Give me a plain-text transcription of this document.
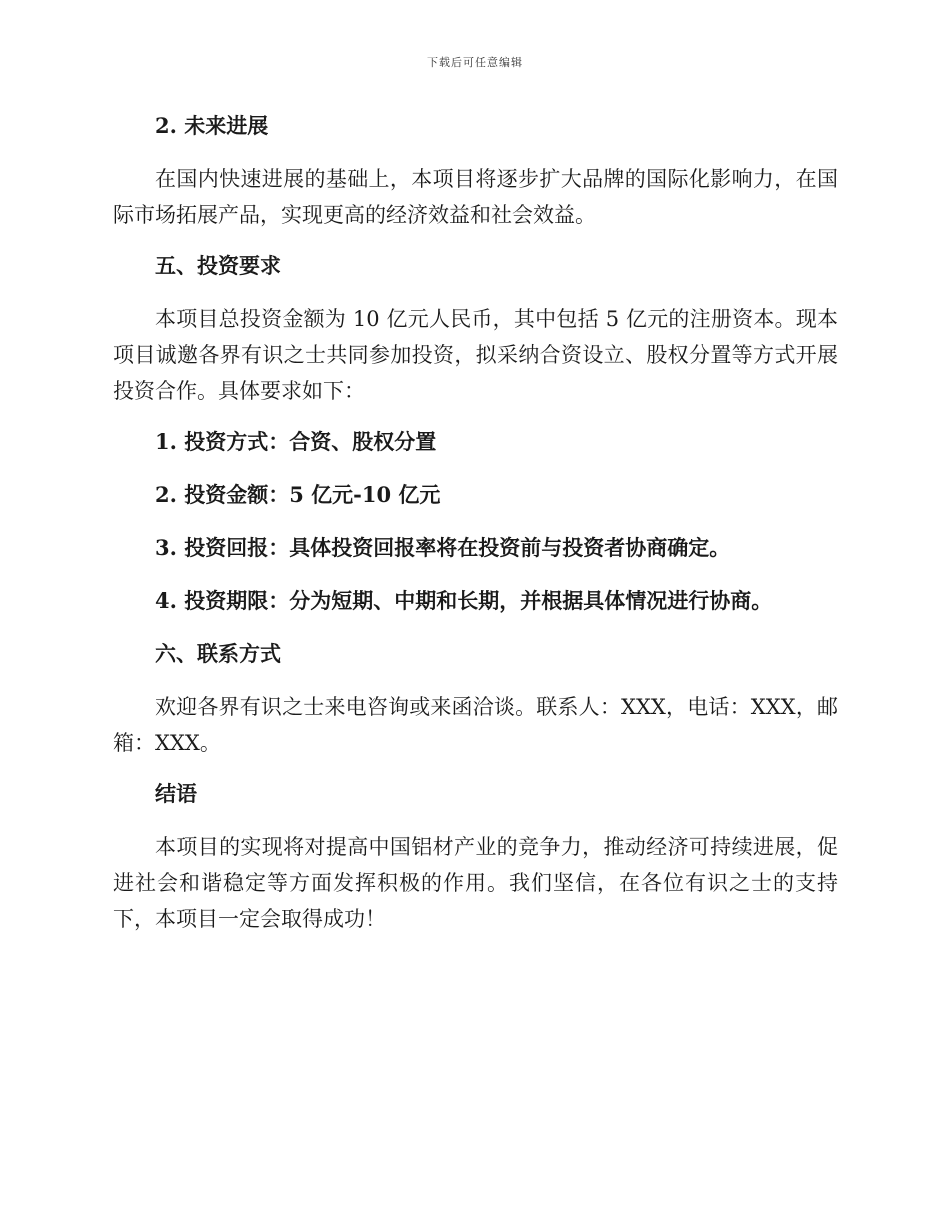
下载后可任意编辑
2. 未来进展

在国内快速进展的基础上，本项目将逐步扩大品牌的国际化影响力，在国际市场拓展产品，实现更高的经济效益和社会效益。

五、投资要求

本项目总投资金额为 10 亿元人民币，其中包括 5 亿元的注册资本。现本项目诚邀各界有识之士共同参加投资，拟采纳合资设立、股权分置等方式开展投资合作。具体要求如下：

1. 投资方式：合资、股权分置
2. 投资金额：5 亿元-10 亿元
3. 投资回报：具体投资回报率将在投资前与投资者协商确定。
4. 投资期限：分为短期、中期和长期，并根据具体情况进行协商。
六、联系方式

欢迎各界有识之士来电咨询或来函洽谈。联系人：XXX，电话：XXX，邮箱：XXX。

结语

本项目的实现将对提高中国铝材产业的竞争力，推动经济可持续进展，促进社会和谐稳定等方面发挥积极的作用。我们坚信，在各位有识之士的支持下，本项目一定会取得成功！
